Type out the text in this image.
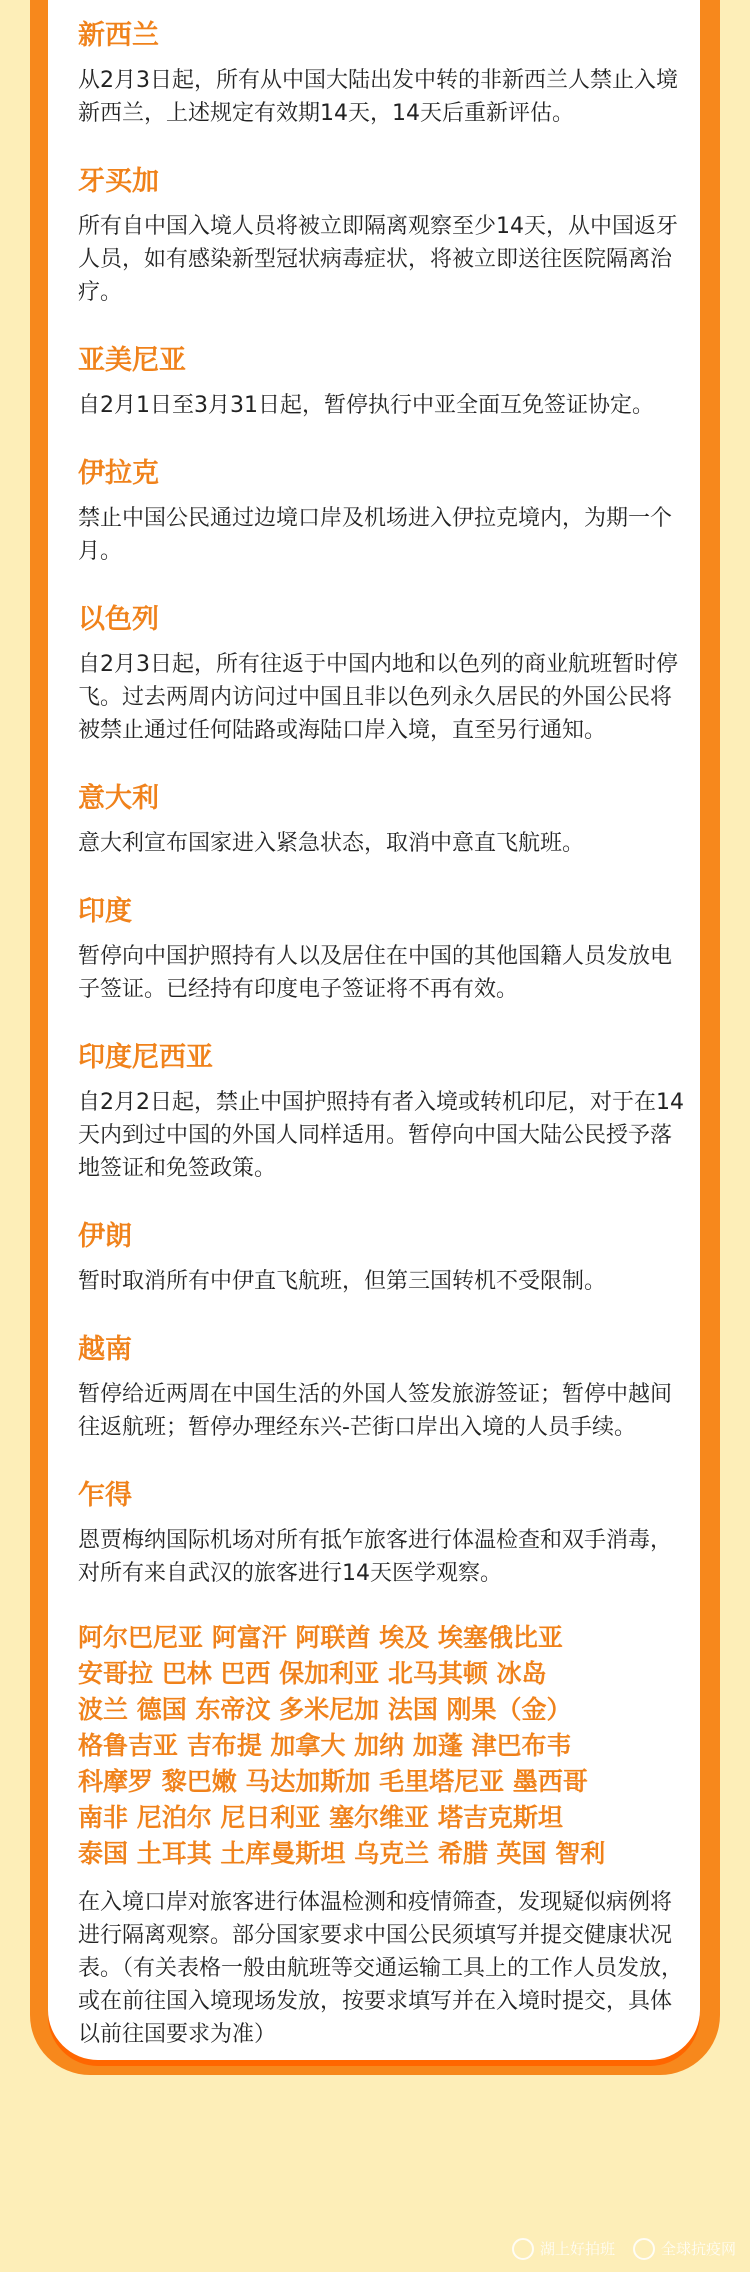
新西兰
从2月3日起，所有从中国大陆出发中转的非新西兰人禁止入境新西兰，上述规定有效期14天，14天后重新评估。
牙买加
所有自中国入境人员将被立即隔离观察至少14天，从中国返牙人员，如有感染新型冠状病毒症状，将被立即送往医院隔离治疗。
亚美尼亚
自2月1日至3月31日起，暂停执行中亚全面互免签证协定。
伊拉克
禁止中国公民通过边境口岸及机场进入伊拉克境内，为期一个月。
以色列
自2月3日起，所有往返于中国内地和以色列的商业航班暂时停飞。过去两周内访问过中国且非以色列永久居民的外国公民将被禁止通过任何陆路或海陆口岸入境，直至另行通知。
意大利
意大利宣布国家进入紧急状态，取消中意直飞航班。
印度
暂停向中国护照持有人以及居住在中国的其他国籍人员发放电子签证。已经持有印度电子签证将不再有效。
印度尼西亚
自2月2日起，禁止中国护照持有者入境或转机印尼，对于在14天内到过中国的外国人同样适用。暂停向中国大陆公民授予落地签证和免签政策。
伊朗
暂时取消所有中伊直飞航班，但第三国转机不受限制。
越南
暂停给近两周在中国生活的外国人签发旅游签证；暂停中越间往返航班；暂停办理经东兴-芒街口岸出入境的人员手续。
乍得
恩贾梅纳国际机场对所有抵乍旅客进行体温检查和双手消毒，对所有来自武汉的旅客进行14天医学观察。
阿尔巴尼亚 阿富汗 阿联酋 埃及 埃塞俄比亚
安哥拉 巴林 巴西 保加利亚 北马其顿 冰岛
波兰 德国 东帝汶 多米尼加 法国 刚果（金）
格鲁吉亚 吉布提 加拿大 加纳 加蓬 津巴布韦
科摩罗 黎巴嫩 马达加斯加 毛里塔尼亚 墨西哥
南非 尼泊尔 尼日利亚 塞尔维亚 塔吉克斯坦
泰国 土耳其 土库曼斯坦 乌克兰 希腊 英国 智利
在入境口岸对旅客进行体温检测和疫情筛查，发现疑似病例将进行隔离观察。部分国家要求中国公民须填写并提交健康状况表。（有关表格一般由航班等交通运输工具上的工作人员发放，或在前往国入境现场发放，按要求填写并在入境时提交，具体以前往国要求为准）
湖上好拍班	全球抗疫网
